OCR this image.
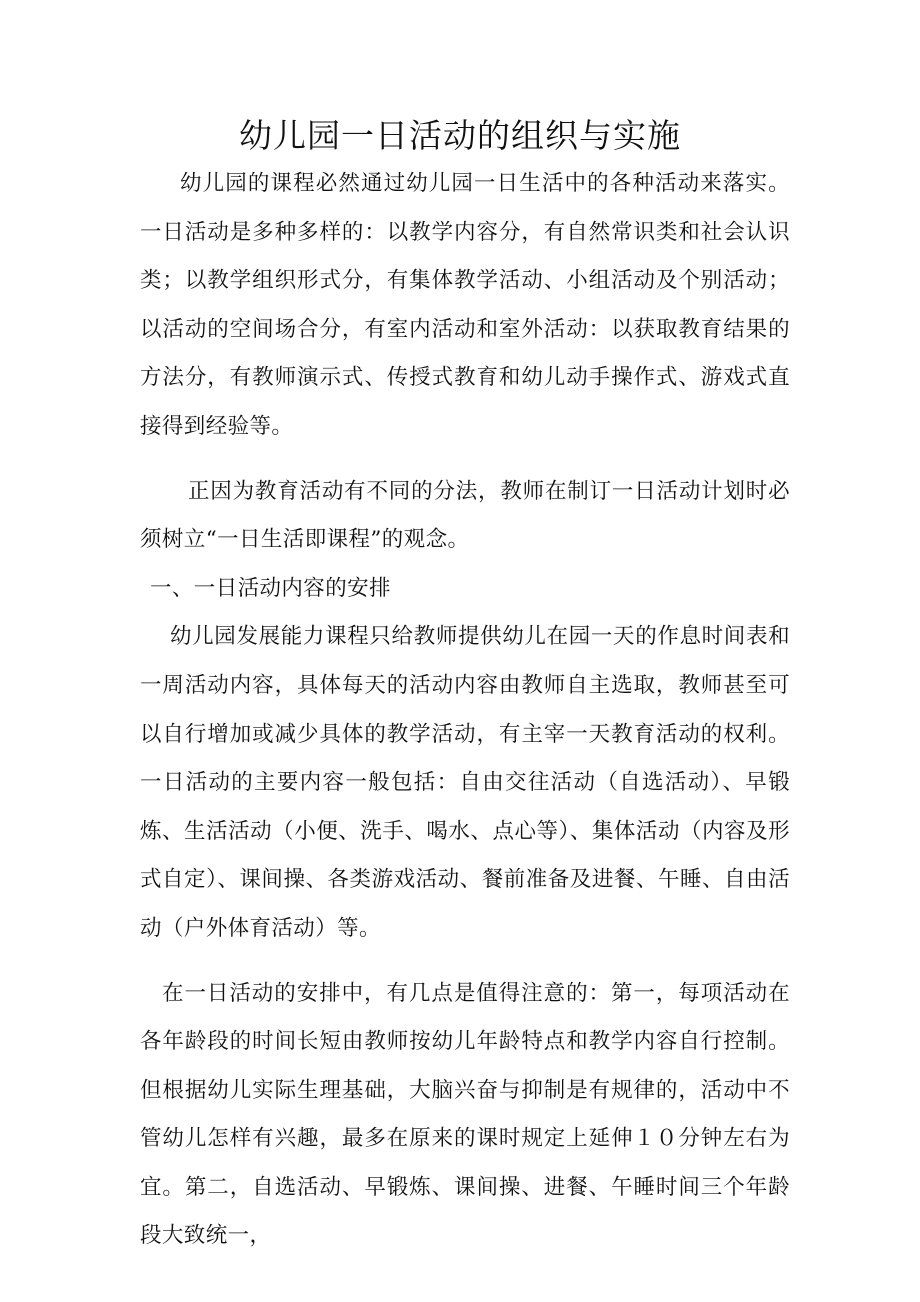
幼儿园一日活动的组织与实施

幼儿园的课程必然通过幼儿园一日生活中的各种活动来落实。一日活动是多种多样的：以教学内容分，有自然常识类和社会认识类；以教学组织形式分，有集体教学活动、小组活动及个别活动；以活动的空间场合分，有室内活动和室外活动：以获取教育结果的方法分，有教师演示式、传授式教育和幼儿动手操作式、游戏式直接得到经验等。

正因为教育活动有不同的分法，教师在制订一日活动计划时必须树立“一日生活即课程”的观念。

一、一日活动内容的安排

幼儿园发展能力课程只给教师提供幼儿在园一天的作息时间表和一周活动内容，具体每天的活动内容由教师自主选取，教师甚至可以自行增加或减少具体的教学活动，有主宰一天教育活动的权利。一日活动的主要内容一般包括：自由交往活动（自选活动）、早锻炼、生活活动（小便、洗手、喝水、点心等）、集体活动（内容及形式自定）、课间操、各类游戏活动、餐前准备及进餐、午睡、自由活动（户外体育活动）等。

在一日活动的安排中，有几点是值得注意的：第一，每项活动在各年龄段的时间长短由教师按幼儿年龄特点和教学内容自行控制。但根据幼儿实际生理基础，大脑兴奋与抑制是有规律的，活动中不管幼儿怎样有兴趣，最多在原来的课时规定上延伸１０分钟左右为宜。第二，自选活动、早锻炼、课间操、进餐、午睡时间三个年龄段大致统一，
